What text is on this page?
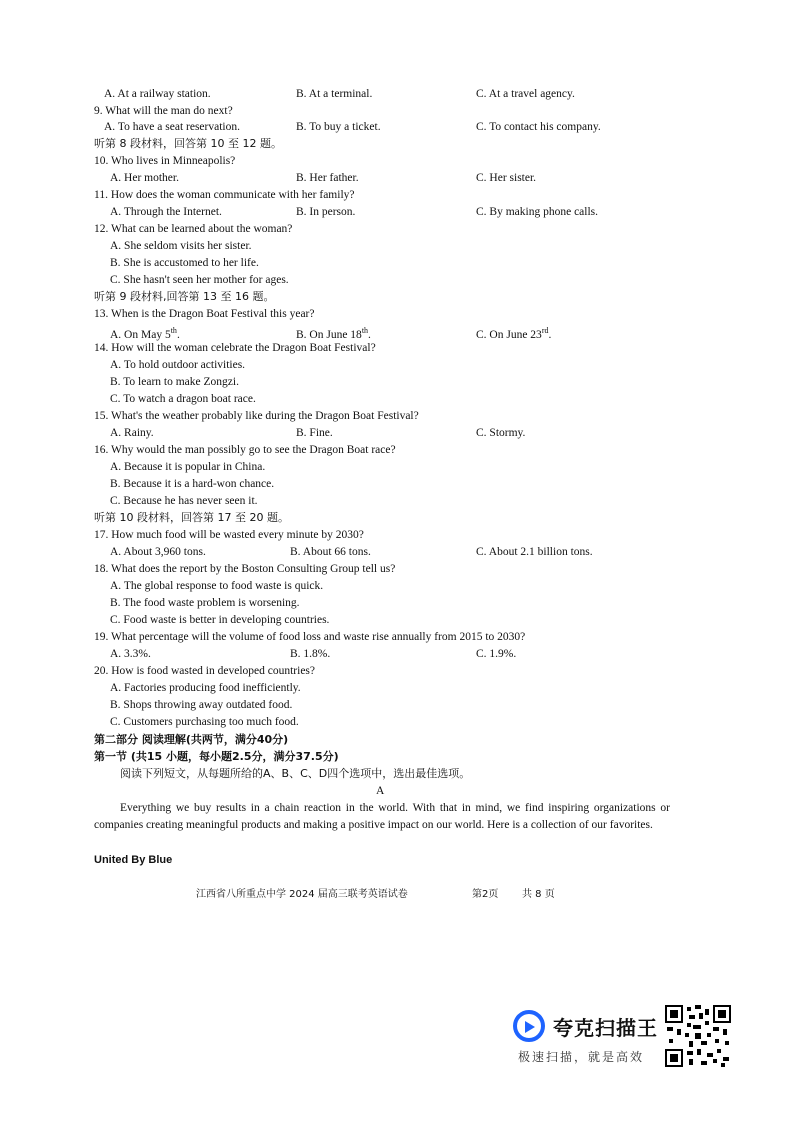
A. At a railway station.	B. At a terminal.	C. At a travel agency.
9. What will the man do next?
A. To have a seat reservation.	B. To buy a ticket.	C. To contact his company.
听第 8 段材料，回答第 10 至 12 题。
10. Who lives in Minneapolis?
A. Her mother.	B. Her father.	C. Her sister.
11. How does the woman communicate with her family?
A. Through the Internet.	B. In person.	C. By making phone calls.
12. What can be learned about the woman?
A. She seldom visits her sister.
B. She is accustomed to her life.
C. She hasn't seen her mother for ages.
听第 9 段材料,回答第 13 至 16 题。
13. When is the Dragon Boat Festival this year?
A. On May 5th.	B. On June 18th.	C. On June 23rd.
14. How will the woman celebrate the Dragon Boat Festival?
A. To hold outdoor activities.
B. To learn to make Zongzi.
C. To watch a dragon boat race.
15. What's the weather probably like during the Dragon Boat Festival?
A. Rainy.	B. Fine.	C. Stormy.
16. Why would the man possibly go to see the Dragon Boat race?
A. Because it is popular in China.
B. Because it is a hard-won chance.
C. Because he has never seen it.
听第 10 段材料，回答第 17 至 20 题。
17. How much food will be wasted every minute by 2030?
A. About 3,960 tons.	B. About 66 tons.	C. About 2.1 billion tons.
18. What does the report by the Boston Consulting Group tell us?
A. The global response to food waste is quick.
B. The food waste problem is worsening.
C. Food waste is better in developing countries.
19. What percentage will the volume of food loss and waste rise annually from 2015 to 2030?
A. 3.3%.	B. 1.8%.	C. 1.9%.
20. How is food wasted in developed countries?
A. Factories producing food inefficiently.
B. Shops throwing away outdated food.
C. Customers purchasing too much food.
第二部分 阅读理解(共两节，满分40分)
第一节 (共15 小题，每小题2.5分，满分37.5分)
阅读下列短文，从每题所给的A、B、C、D四个选项中，选出最佳选项。
A
Everything we buy results in a chain reaction in the world. With that in mind, we find inspiring organizations or companies creating meaningful products and making a positive impact on our world. Here is a collection of our favorites.
United By Blue
江西省八所重点中学 2024 届高三联考英语试卷	第2页 共 8 页
夸克扫描王
极速扫描，就是高效
